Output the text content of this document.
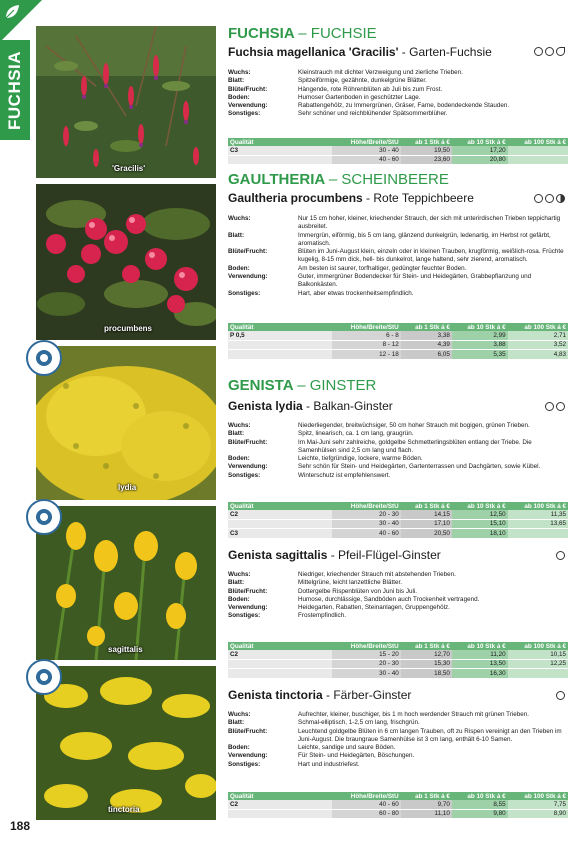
FUCHSIA
'Gracilis'
procumbens
lydia
sagittalis
tinctoria
FUCHSIA – FUCHSIE
Fuchsia magellanica 'Gracilis' - Garten-Fuchsie
Wuchs:	Kleinstrauch mit dichter Verzweigung und zierliche Trieben.
Blatt:	Spitzeiförmige, gezähnte, dunkelgrüne Blätter.
Blüte/Frucht:	Hängende, rote Röhrenblüten ab Juli bis zum Frost.
Boden:	Humoser Gartenboden in geschützter Lage.
Verwendung:	Rabattengehölz, zu Immergrünen, Gräser, Farne, bodendeckende Stauden.
Sonstiges:	Sehr schöner und reichblühender Spätsommerblüher.
Qualität	Höhe/Breite/StU	ab 1 Stk á €	ab 10 Stk á €	ab 100 Stk á €
C3	30 - 40	19,50	17,20	
	40 - 60	23,60	20,80	
GAULTHERIA – SCHEINBEERE
Gaultheria procumbens - Rote Teppichbeere
Wuchs:	Nur 15 cm hoher, kleiner, kriechender Strauch, der sich mit unterirdischen Trieben teppichartig ausbreitet.
Blatt:	Immergrün, eiförmig, bis 5 cm lang, glänzend dunkelgrün, ledenartig, im Herbst rot gefärbt, aromatisch.
Blüte/Frucht:	Blüten im Juni-August klein, einzeln oder in kleinen Trauben, krugförmig, weißlich-rosa. Früchte kugelig, 8-15 mm dick, hell- bis dunkelrot, lange haltend, sehr zierend, aromatisch.
Boden:	Am besten ist saurer, torfhaltiger, gedüngter feuchter Boden.
Verwendung:	Guter, immergrüner Bodendecker für Stein- und Heidegärten, Grabbepflanzung und Balkonkästen.
Sonstiges:	Hart, aber etwas trockenheitsempfindlich.
Qualität	Höhe/Breite/StU	ab 1 Stk á €	ab 10 Stk á €	ab 100 Stk á €
P 0,5	6 - 8	3,38	2,99	2,71
	8 - 12	4,39	3,88	3,52
	12 - 18	6,05	5,35	4,83
GENISTA – GINSTER
Genista lydia - Balkan-Ginster
Wuchs:	Niederliegender, breitwüchsiger, 50 cm hoher Strauch mit bogigen, grünen Trieben.
Blatt:	Spitz, linearisch, ca. 1 cm lang, graugrün.
Blüte/Frucht:	Im Mai-Juni sehr zahlreiche, goldgelbe Schmetterlingsblüten entlang der Triebe. Die Samenhülsen sind 2,5 cm lang und flach.
Boden:	Leichte, tiefgründige, lockere, warme Böden.
Verwendung:	Sehr schön für Stein- und Heidegärten, Gartenterrassen und Dachgärten, sowie Kübel.
Sonstiges:	Winterschutz ist empfehlenswert.
Qualität	Höhe/Breite/StU	ab 1 Stk á €	ab 10 Stk á €	ab 100 Stk á €
C2	20 - 30	14,15	12,50	11,35
	30 - 40	17,10	15,10	13,65
C3	40 - 60	20,50	18,10	
Genista sagittalis - Pfeil-Flügel-Ginster
Wuchs:	Niedriger, kriechender Strauch mit abstehenden Trieben.
Blatt:	Mittelgrüne, leicht lanzettliche Blätter.
Blüte/Frucht:	Dottergelbe Rispenblüten von Juni bis Juli.
Boden:	Humose, durchlässige, Sandböden auch Trockenheit vertragend.
Verwendung:	Heidegarten, Rabatten, Steinanlagen, Gruppengehölz.
Sonstiges:	Frostempfindlich.
Qualität	Höhe/Breite/StU	ab 1 Stk á €	ab 10 Stk á €	ab 100 Stk á €
C2	15 - 20	12,70	11,20	10,15
	20 - 30	15,30	13,50	12,25
	30 - 40	18,50	16,30	
Genista tinctoria - Färber-Ginster
Wuchs:	Aufrechter, kleiner, buschiger, bis 1 m hoch werdender Strauch mit grünen Trieben.
Blatt:	Schmal-elliptisch, 1-2,5 cm lang, frischgrün.
Blüte/Frucht:	Leuchtend goldgelbe Blüten in 6 cm langen Trauben, oft zu Rispen vereinigt an den Trieben im Juni-August. Die braungraue Samenhülse ist 3 cm lang, enthält 6-10 Samen.
Boden:	Leichte, sandige und saure Böden.
Verwendung:	Für Stein- und Heidegärten, Böschungen.
Sonstiges:	Hart und industriefest.
Qualität	Höhe/Breite/StU	ab 1 Stk á €	ab 10 Stk á €	ab 100 Stk á €
C2	40 - 60	9,70	8,55	7,75
	60 - 80	11,10	9,80	8,90
188
